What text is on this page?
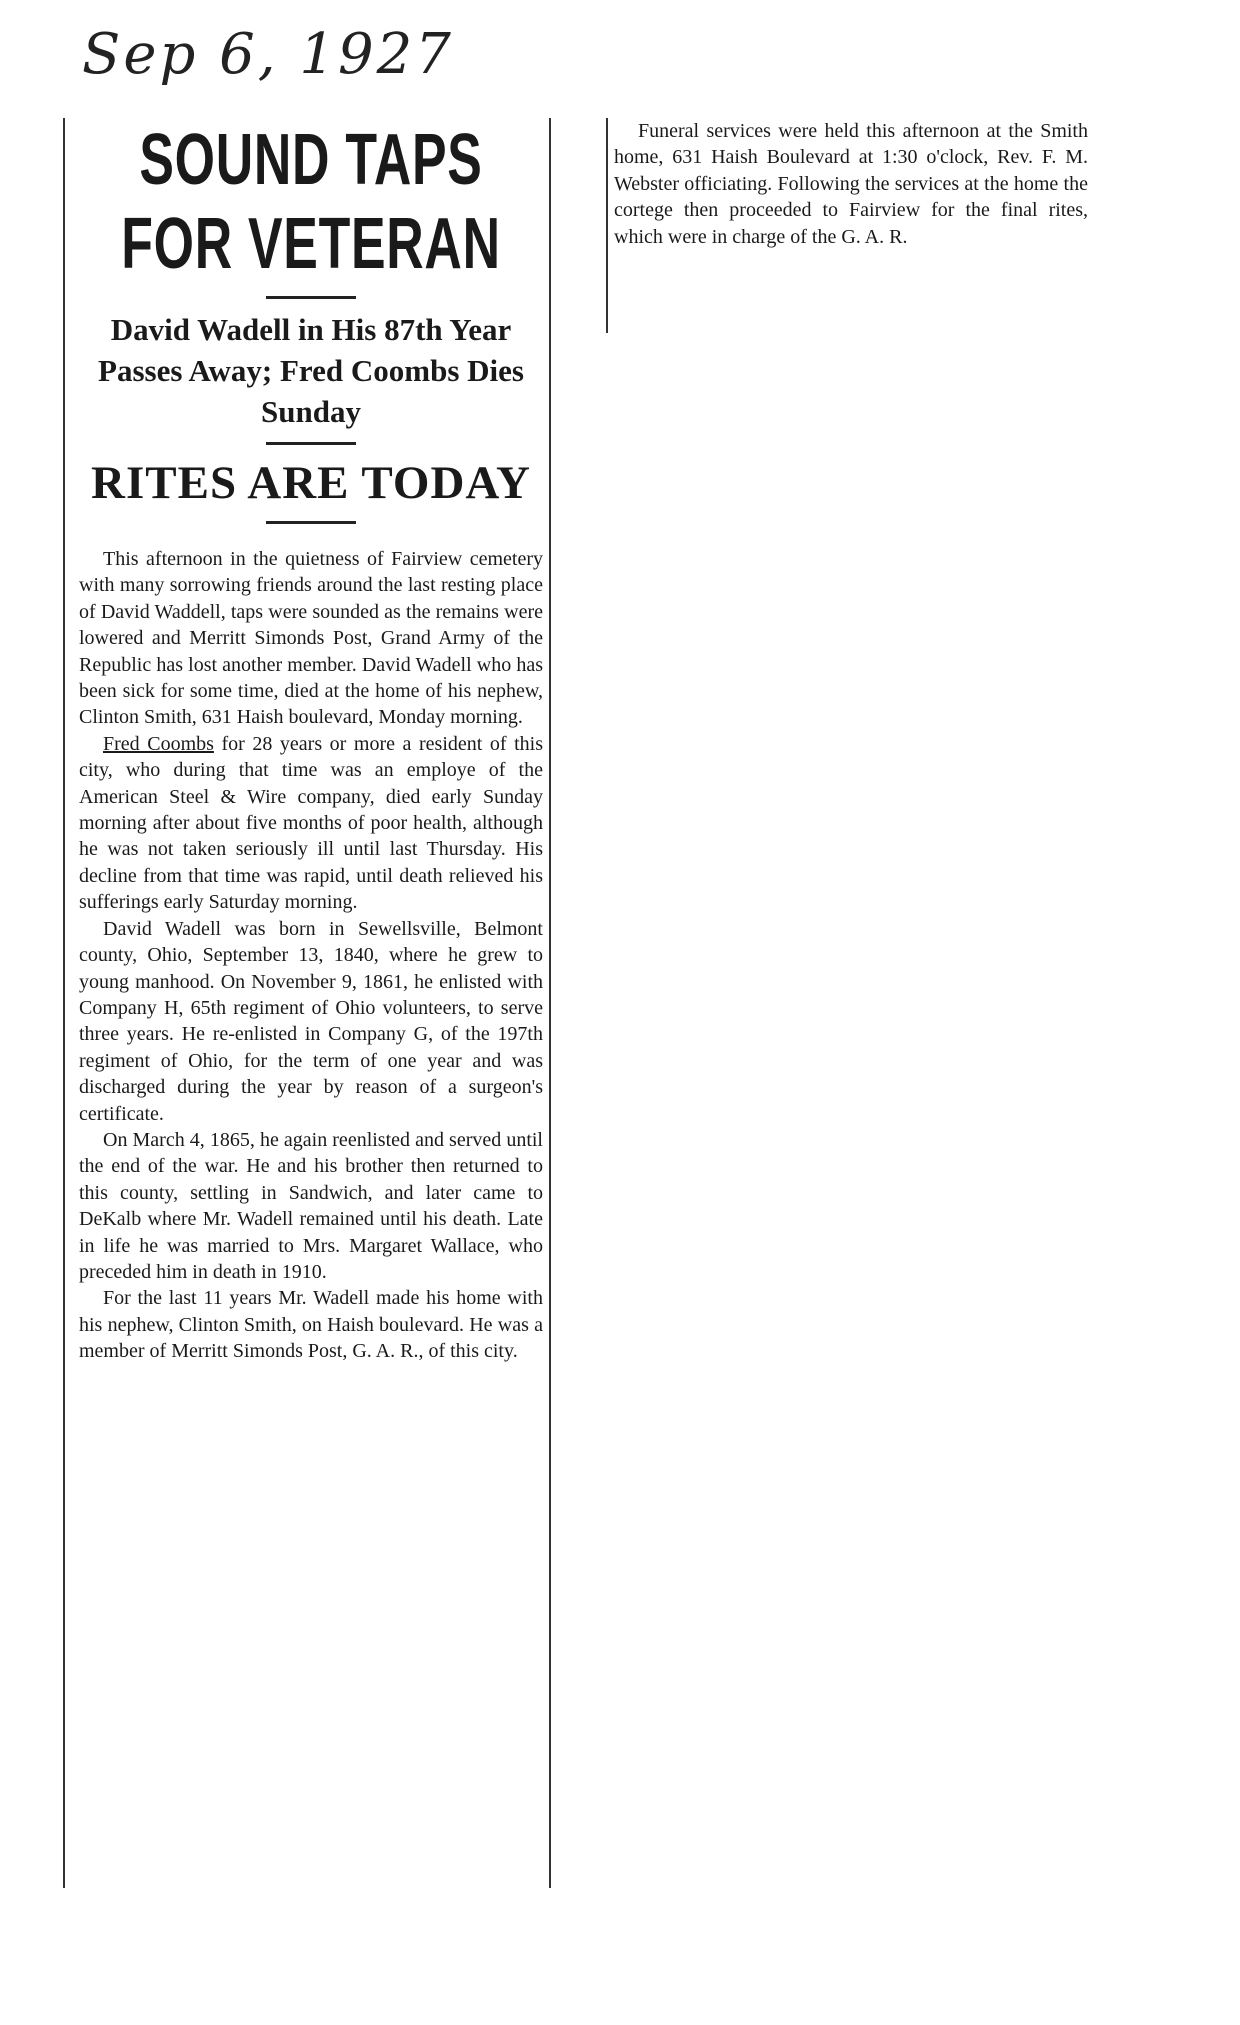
Sep 6, 1927
SOUND TAPS
FOR VETERAN
David Wadell in His 87th Year Passes Away; Fred Coombs Dies Sunday
RITES ARE TODAY

This afternoon in the quietness of Fairview cemetery with many sorrowing friends around the last resting place of David Waddell, taps were sounded as the remains were lowered and Merritt Simonds Post, Grand Army of the Republic has lost another member. David Wadell who has been sick for some time, died at the home of his nephew, Clinton Smith, 631 Haish boulevard, Monday morning.

Fred Coombs for 28 years or more a resident of this city, who during that time was an employe of the American Steel & Wire company, died early Sunday morning after about five months of poor health, although he was not taken seriously ill until last Thursday. His decline from that time was rapid, until death relieved his sufferings early Saturday morning.

David Wadell was born in Sewellsville, Belmont county, Ohio, September 13, 1840, where he grew to young manhood. On November 9, 1861, he enlisted with Company H, 65th regiment of Ohio volunteers, to serve three years. He re-enlisted in Company G, of the 197th regiment of Ohio, for the term of one year and was discharged during the year by reason of a surgeon's certificate.

On March 4, 1865, he again reenlisted and served until the end of the war. He and his brother then returned to this county, settling in Sandwich, and later came to DeKalb where Mr. Wadell remained until his death. Late in life he was married to Mrs. Margaret Wallace, who preceded him in death in 1910.

For the last 11 years Mr. Wadell made his home with his nephew, Clinton Smith, on Haish boulevard. He was a member of Merritt Simonds Post, G. A. R., of this city.

Funeral services were held this afternoon at the Smith home, 631 Haish Boulevard at 1:30 o'clock, Rev. F. M. Webster officiating. Following the services at the home the cortege then proceeded to Fairview for the final rites, which were in charge of the G. A. R.
